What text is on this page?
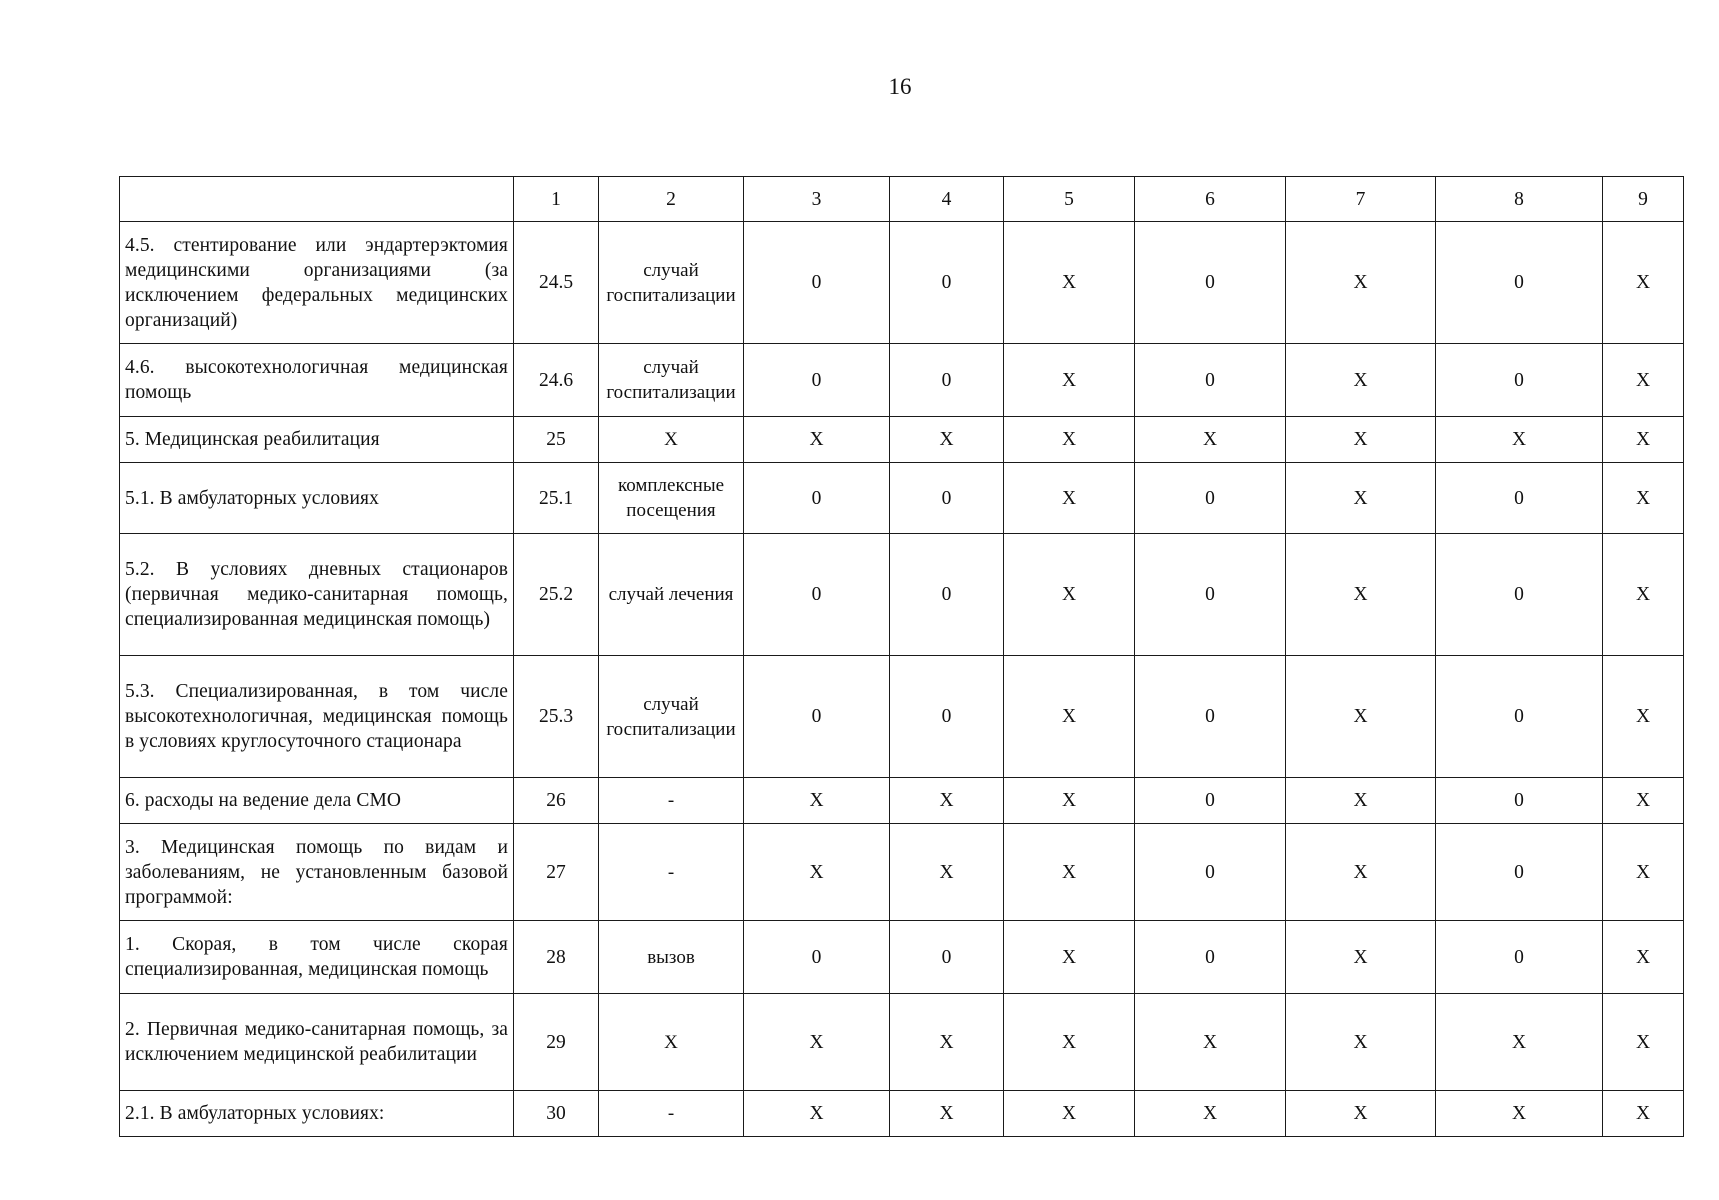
16
	1	2	3	4	5	6	7	8	9
4.5. стентирование или эндартерэктомия медицинскими организациями (за исключением федеральных медицинских организаций)	24.5	случай госпитализации	0	0	X	0	X	0	X
4.6. высокотехнологичная медицинская помощь	24.6	случай госпитализации	0	0	X	0	X	0	X
5. Медицинская реабилитация	25	X	X	X	X	X	X	X	X
5.1. В амбулаторных условиях	25.1	комплексные посещения	0	0	X	0	X	0	X
5.2. В условиях дневных стационаров (первичная медико-санитарная помощь, специализированная медицинская помощь)	25.2	случай лечения	0	0	X	0	X	0	X
5.3. Специализированная, в том числе высокотехнологичная, медицинская помощь в условиях круглосуточного стационара	25.3	случай госпитализации	0	0	X	0	X	0	X
6. расходы на ведение дела СМО	26	-	X	X	X	0	X	0	X
3. Медицинская помощь по видам и заболеваниям, не установленным базовой программой:	27	-	X	X	X	0	X	0	X
1. Скорая, в том числе скорая специализированная, медицинская помощь	28	вызов	0	0	X	0	X	0	X
2. Первичная медико-санитарная помощь, за исключением медицинской реабилитации	29	X	X	X	X	X	X	X	X
2.1. В амбулаторных условиях:	30	-	X	X	X	X	X	X	X
